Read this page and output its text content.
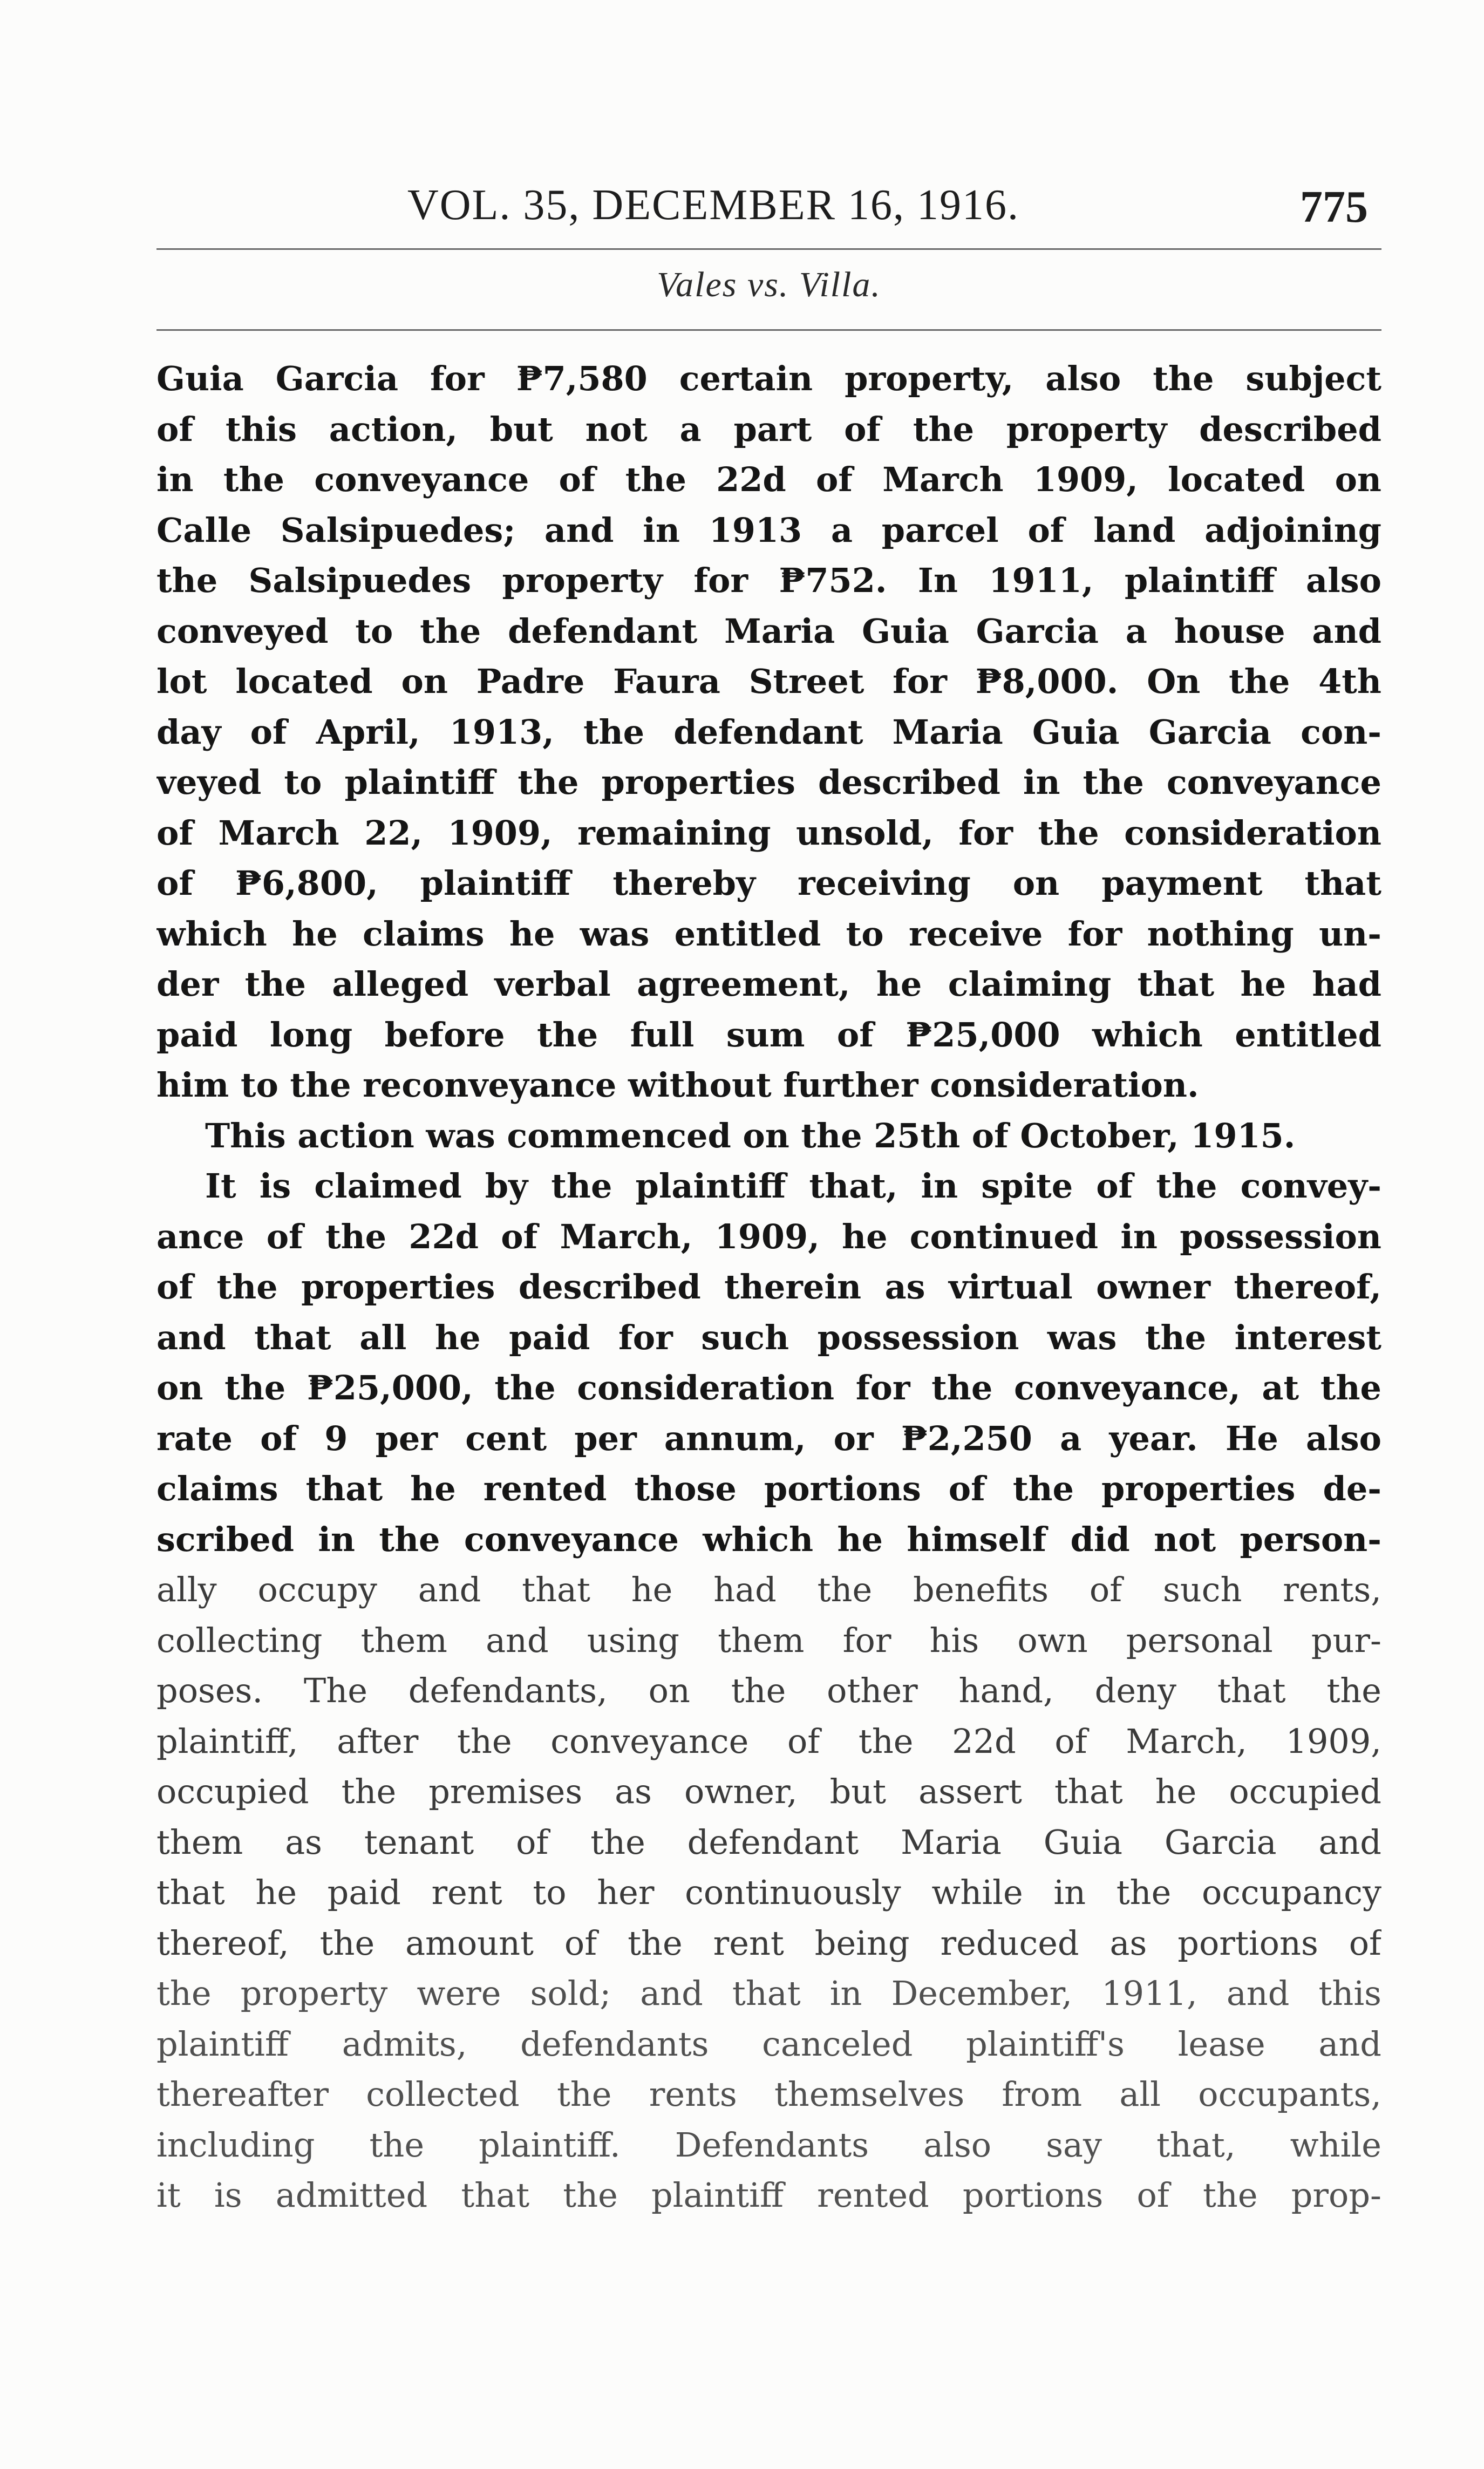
VOL. 35, DECEMBER 16, 1916.	775
Vales vs. Villa.
Guia Garcia for ₱7,580 certain property, also the subject
of this action, but not a part of the property described
in the conveyance of the 22d of March 1909, located on
Calle Salsipuedes; and in 1913 a parcel of land adjoining
the Salsipuedes property for ₱752. In 1911, plaintiff also
conveyed to the defendant Maria Guia Garcia a house and
lot located on Padre Faura Street for ₱8,000. On the 4th
day of April, 1913, the defendant Maria Guia Garcia con-
veyed to plaintiff the properties described in the conveyance
of March 22, 1909, remaining unsold, for the consideration
of ₱6,800, plaintiff thereby receiving on payment that
which he claims he was entitled to receive for nothing un-
der the alleged verbal agreement, he claiming that he had
paid long before the full sum of ₱25,000 which entitled
him to the reconveyance without further consideration.
This action was commenced on the 25th of October, 1915.
It is claimed by the plaintiff that, in spite of the convey-
ance of the 22d of March, 1909, he continued in possession
of the properties described therein as virtual owner thereof,
and that all he paid for such possession was the interest
on the ₱25,000, the consideration for the conveyance, at the
rate of 9 per cent per annum, or ₱2,250 a year. He also
claims that he rented those portions of the properties de-
scribed in the conveyance which he himself did not person-
ally occupy and that he had the benefits of such rents,
collecting them and using them for his own personal pur-
poses. The defendants, on the other hand, deny that the
plaintiff, after the conveyance of the 22d of March, 1909,
occupied the premises as owner, but assert that he occupied
them as tenant of the defendant Maria Guia Garcia and
that he paid rent to her continuously while in the occupancy
thereof, the amount of the rent being reduced as portions of
the property were sold; and that in December, 1911, and this
plaintiff admits, defendants canceled plaintiff's lease and
thereafter collected the rents themselves from all occupants,
including the plaintiff. Defendants also say that, while
it is admitted that the plaintiff rented portions of the prop-
